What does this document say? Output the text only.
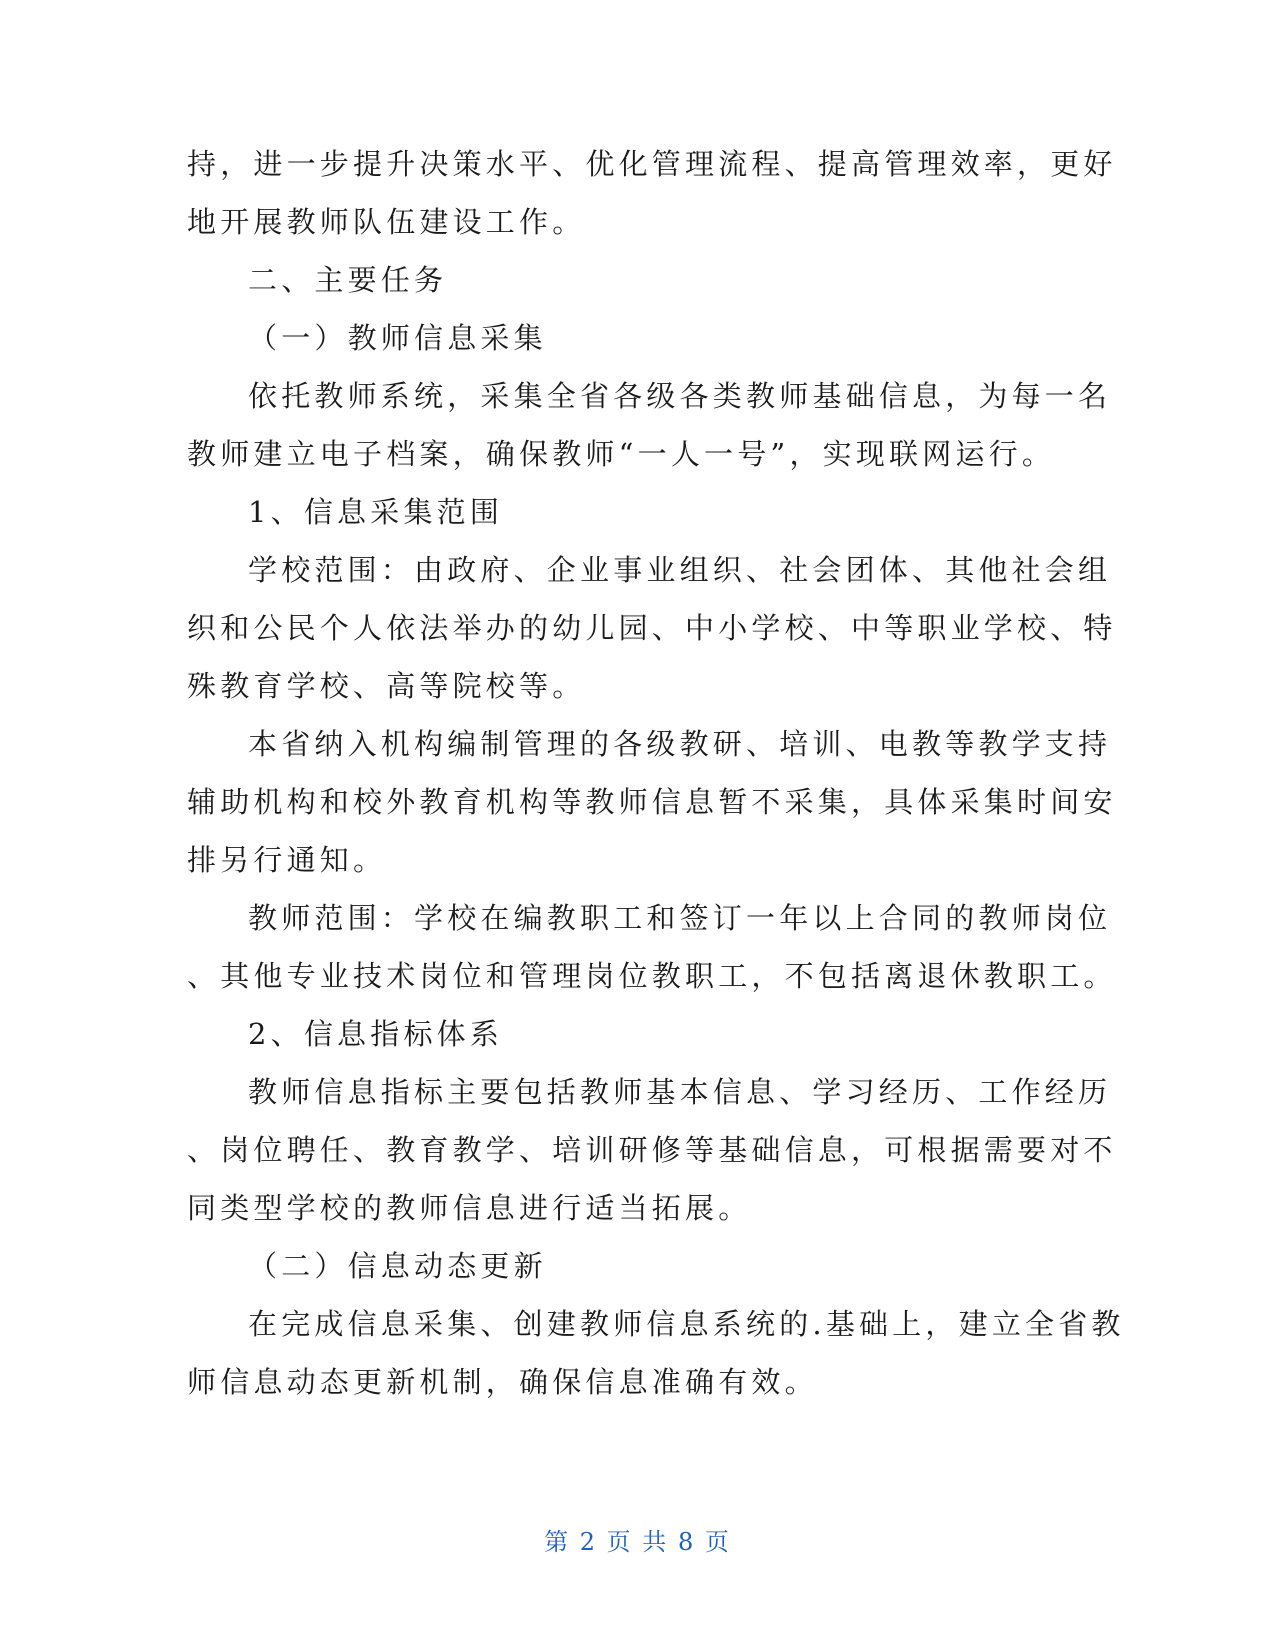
持，进一步提升决策水平、优化管理流程、提高管理效率，更好
地开展教师队伍建设工作。
二、主要任务
（一）教师信息采集
依托教师系统，采集全省各级各类教师基础信息，为每一名
教师建立电子档案，确保教师“一人一号”，实现联网运行。
1、信息采集范围
学校范围：由政府、企业事业组织、社会团体、其他社会组
织和公民个人依法举办的幼儿园、中小学校、中等职业学校、特
殊教育学校、高等院校等。
本省纳入机构编制管理的各级教研、培训、电教等教学支持
辅助机构和校外教育机构等教师信息暂不采集，具体采集时间安
排另行通知。
教师范围：学校在编教职工和签订一年以上合同的教师岗位
、其他专业技术岗位和管理岗位教职工，不包括离退休教职工。
2、信息指标体系
教师信息指标主要包括教师基本信息、学习经历、工作经历
、岗位聘任、教育教学、培训研修等基础信息，可根据需要对不
同类型学校的教师信息进行适当拓展。
（二）信息动态更新
在完成信息采集、创建教师信息系统的.基础上，建立全省教
师信息动态更新机制，确保信息准确有效。
第 2 页 共 8 页
